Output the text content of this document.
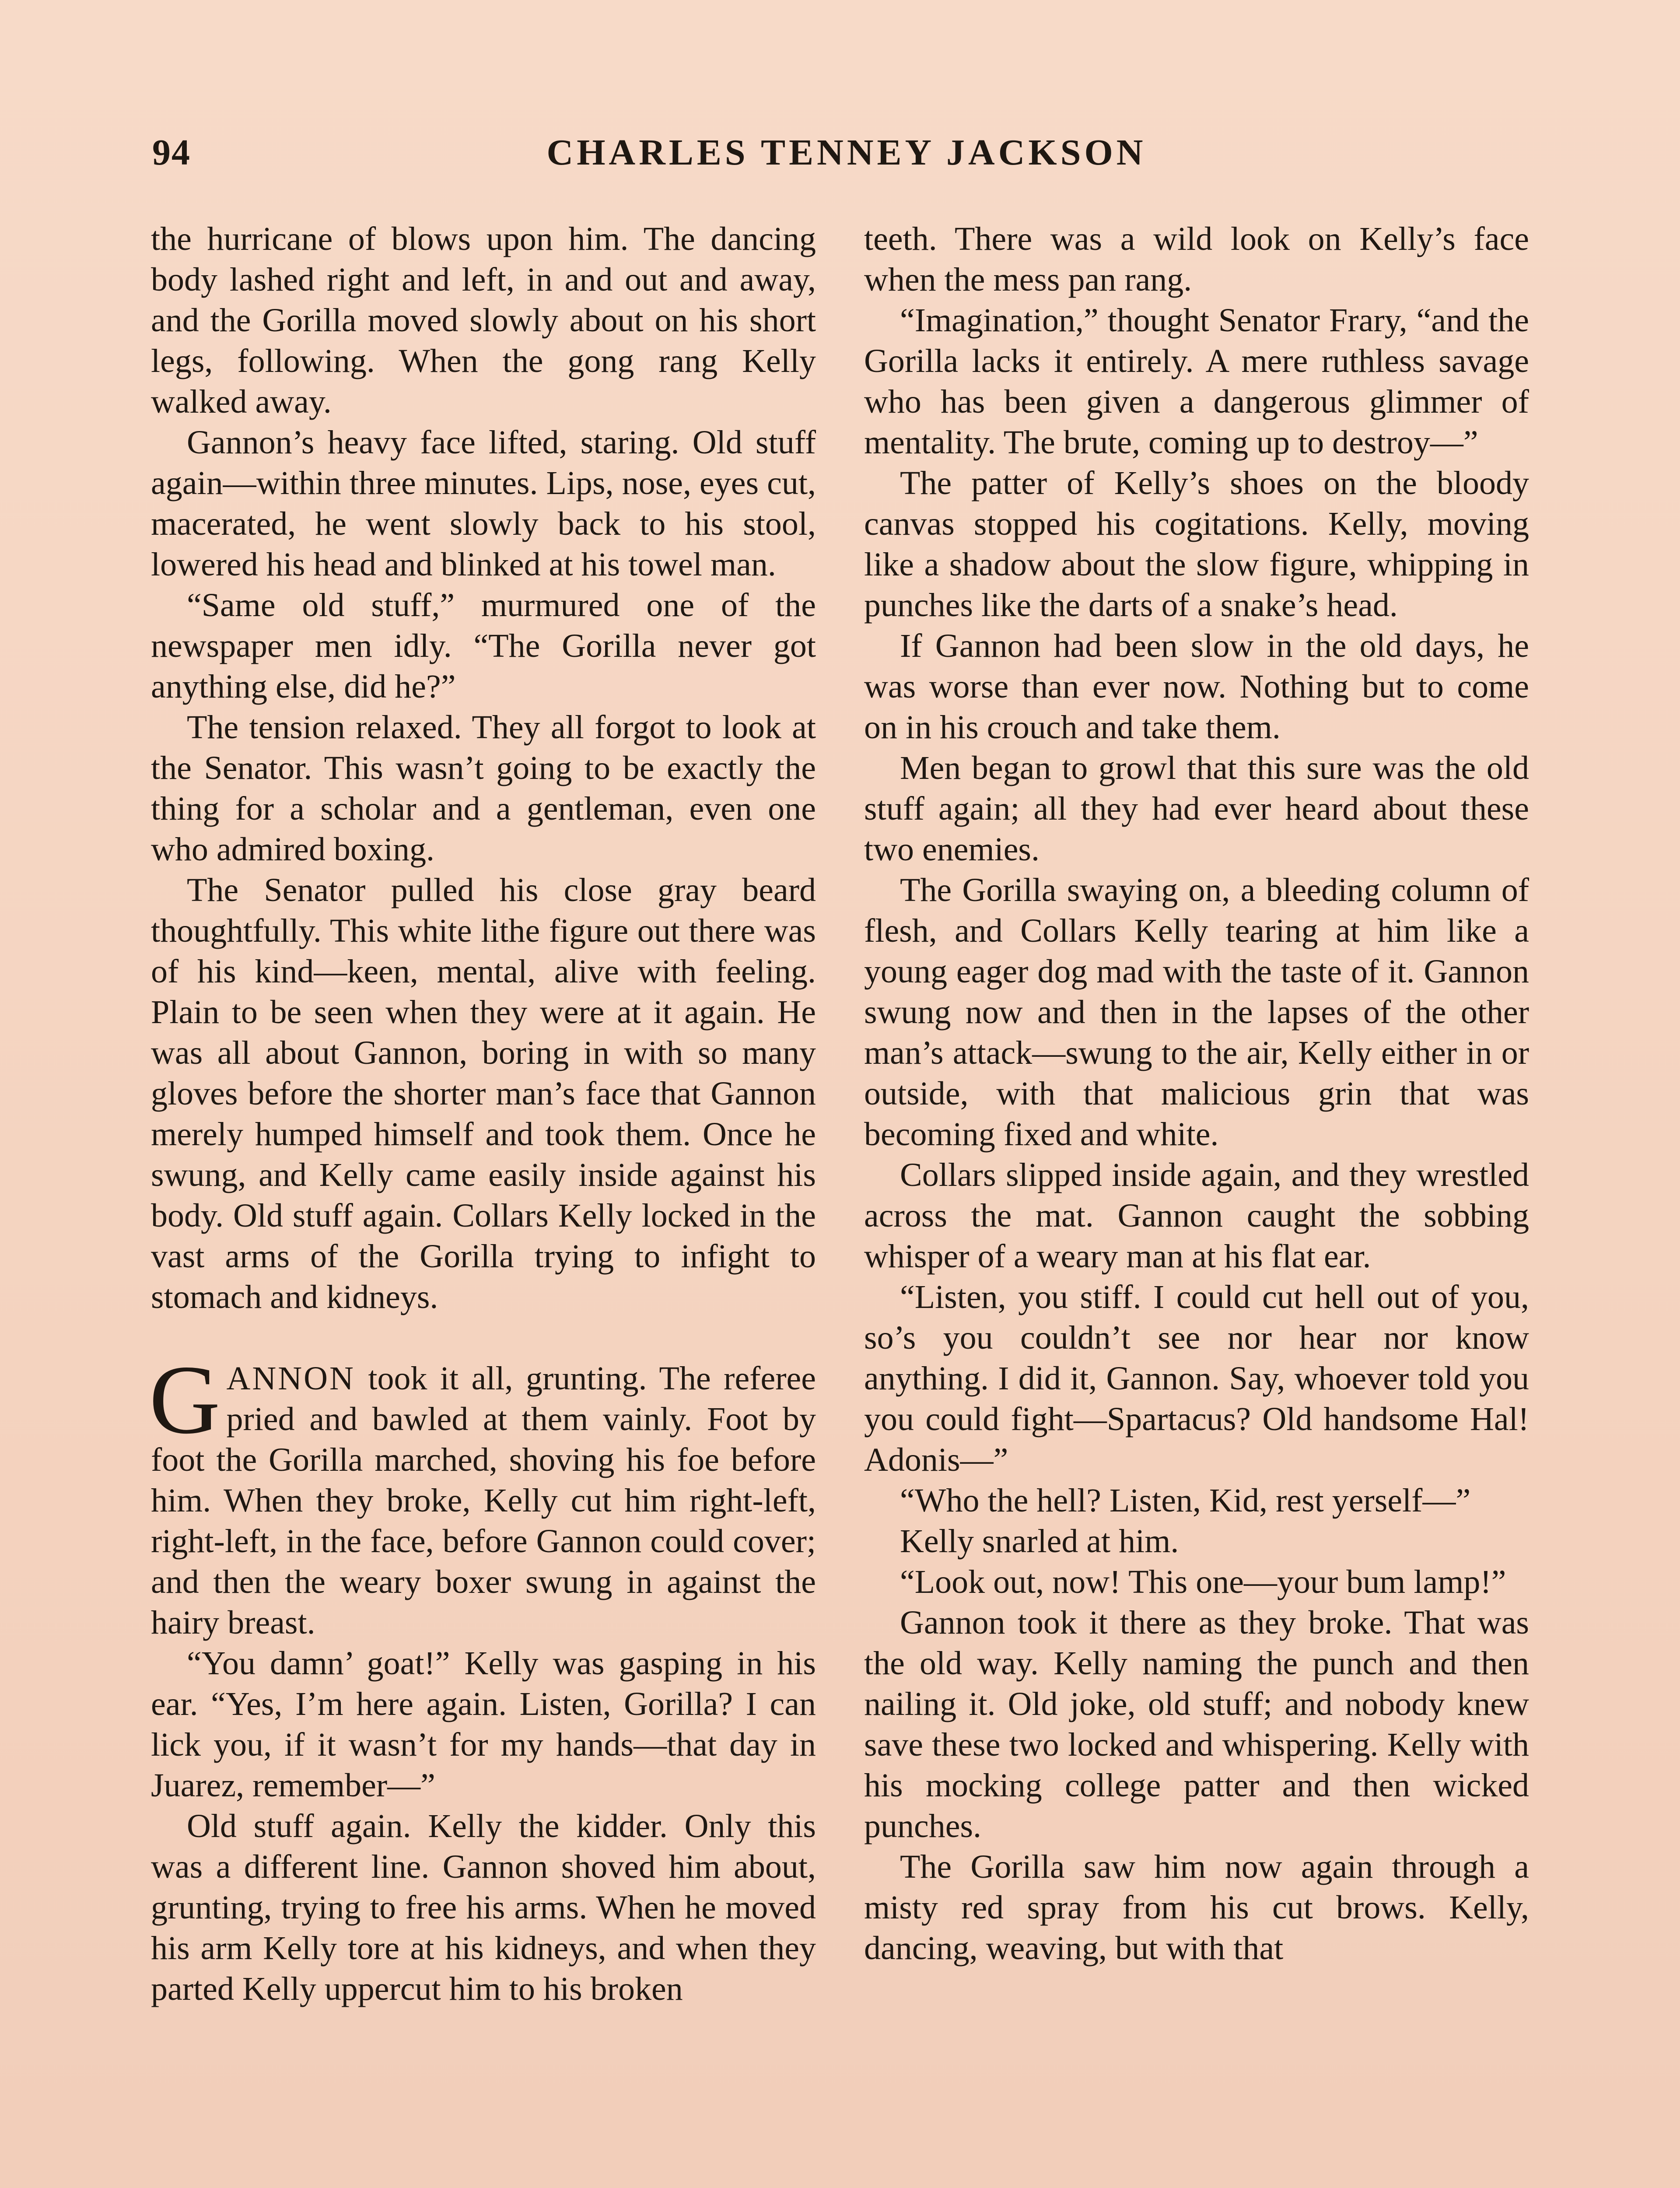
94	CHARLES TENNEY JACKSON

the hurricane of blows upon him. The dancing body lashed right and left, in and out and away, and the Gorilla moved slowly about on his short legs, following. When the gong rang Kelly walked away.

Gannon’s heavy face lifted, staring. Old stuff again—within three minutes. Lips, nose, eyes cut, macerated, he went slowly back to his stool, lowered his head and blinked at his towel man.

“Same old stuff,” murmured one of the newspaper men idly. “The Gorilla never got anything else, did he?”

The tension relaxed. They all forgot to look at the Senator. This wasn’t going to be exactly the thing for a scholar and a gentleman, even one who admired boxing.

The Senator pulled his close gray beard thoughtfully. This white lithe figure out there was of his kind—keen, mental, alive with feeling. Plain to be seen when they were at it again. He was all about Gannon, boring in with so many gloves before the shorter man’s face that Gannon merely humped himself and took them. Once he swung, and Kelly came easily inside against his body. Old stuff again. Collars Kelly locked in the vast arms of the Gorilla trying to infight to stomach and kidneys.

GANNON took it all, grunting. The referee pried and bawled at them vainly. Foot by foot the Gorilla marched, shoving his foe before him. When they broke, Kelly cut him right-left, right-left, in the face, before Gannon could cover; and then the weary boxer swung in against the hairy breast.

“You damn’ goat!” Kelly was gasping in his ear. “Yes, I’m here again. Listen, Gorilla? I can lick you, if it wasn’t for my hands—that day in Juarez, remember—”

Old stuff again. Kelly the kidder. Only this was a different line. Gannon shoved him about, grunting, trying to free his arms. When he moved his arm Kelly tore at his kidneys, and when they parted Kelly uppercut him to his broken

teeth. There was a wild look on Kelly’s face when the mess pan rang.

“Imagination,” thought Senator Frary, “and the Gorilla lacks it entirely. A mere ruthless savage who has been given a dangerous glimmer of mentality. The brute, coming up to destroy—”

The patter of Kelly’s shoes on the bloody canvas stopped his cogitations. Kelly, moving like a shadow about the slow figure, whipping in punches like the darts of a snake’s head.

If Gannon had been slow in the old days, he was worse than ever now. Nothing but to come on in his crouch and take them.

Men began to growl that this sure was the old stuff again; all they had ever heard about these two enemies.

The Gorilla swaying on, a bleeding column of flesh, and Collars Kelly tearing at him like a young eager dog mad with the taste of it. Gannon swung now and then in the lapses of the other man’s attack—swung to the air, Kelly either in or outside, with that malicious grin that was becoming fixed and white.

Collars slipped inside again, and they wrestled across the mat. Gannon caught the sobbing whisper of a weary man at his flat ear.

“Listen, you stiff. I could cut hell out of you, so’s you couldn’t see nor hear nor know anything. I did it, Gannon. Say, whoever told you you could fight—Spartacus? Old handsome Hal! Adonis—”

“Who the hell? Listen, Kid, rest yerself—”

Kelly snarled at him.

“Look out, now! This one—your bum lamp!”

Gannon took it there as they broke. That was the old way. Kelly naming the punch and then nailing it. Old joke, old stuff; and nobody knew save these two locked and whispering. Kelly with his mocking college patter and then wicked punches.

The Gorilla saw him now again through a misty red spray from his cut brows. Kelly, dancing, weaving, but with that
